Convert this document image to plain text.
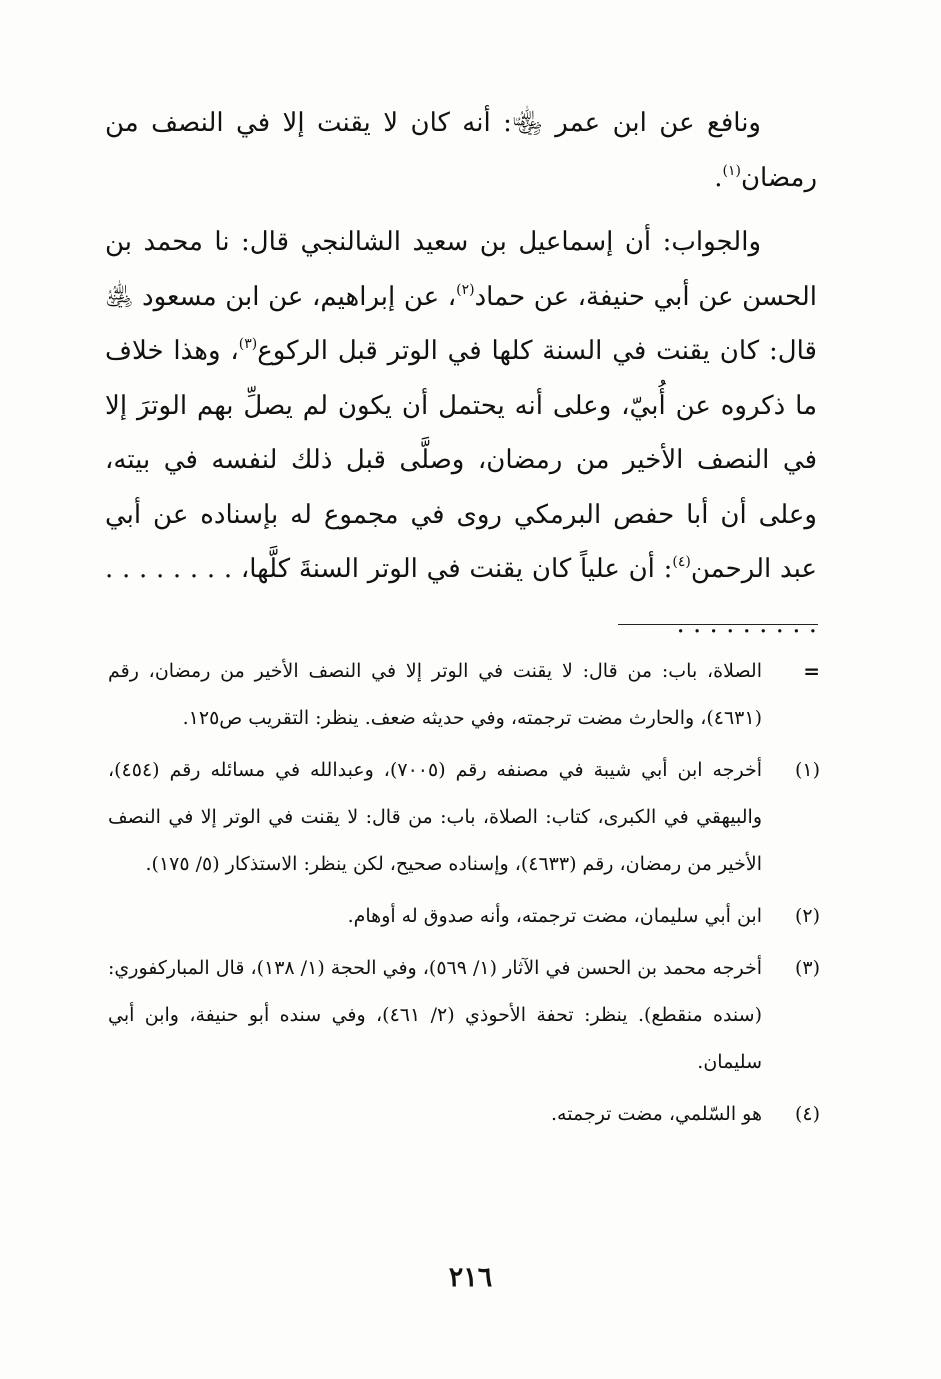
ونافع عن ابن عمر ﵄: أنه كان لا يقنت إلا في النصف من رمضان$^{(١)}$.

والجواب: أن إسماعيل بن سعيد الشالنجي قال: نا محمد بن الحسن عن أبي حنيفة، عن حماد$^{(٢)}$، عن إبراهيم، عن ابن مسعود ﵁ قال: كان يقنت في السنة كلها في الوتر قبل الركوع$^{(٣)}$، وهذا خلاف ما ذكروه عن أُبيّ، وعلى أنه يحتمل أن يكون لم يصلِّ بهم الوترَ إلا في النصف الأخير من رمضان، وصلَّى قبل ذلك لنفسه في بيته، وعلى أن أبا حفص البرمكي روى في مجموع له بإسناده عن أبي عبد الرحمن$^{(٤)}$: أن علياً كان يقنت في الوتر السنةَ كلَّها، . . . . . . . . . . . . . . . . .

=
الصلاة، باب: من قال: لا يقنت في الوتر إلا في النصف الأخير من رمضان، رقم (٤٦٣١)، والحارث مضت ترجمته، وفي حديثه ضعف. ينظر: التقريب ص١٢٥.
(١)
أخرجه ابن أبي شيبة في مصنفه رقم (٧٠٠٥)، وعبدالله في مسائله رقم (٤٥٤)، والبيهقي في الكبرى، كتاب: الصلاة، باب: من قال: لا يقنت في الوتر إلا في النصف الأخير من رمضان، رقم (٤٦٣٣)، وإسناده صحيح، لكن ينظر: الاستذكار (٥/ ١٧٥).
(٢)
ابن أبي سليمان، مضت ترجمته، وأنه صدوق له أوهام.
(٣)
أخرجه محمد بن الحسن في الآثار (١/ ٥٦٩)، وفي الحجة (١/ ١٣٨)، قال المباركفوري: (سنده منقطع). ينظر: تحفة الأحوذي (٢/ ٤٦١)، وفي سنده أبو حنيفة، وابن أبي سليمان.
(٤)
هو السّلمي، مضت ترجمته.
٢١٦
